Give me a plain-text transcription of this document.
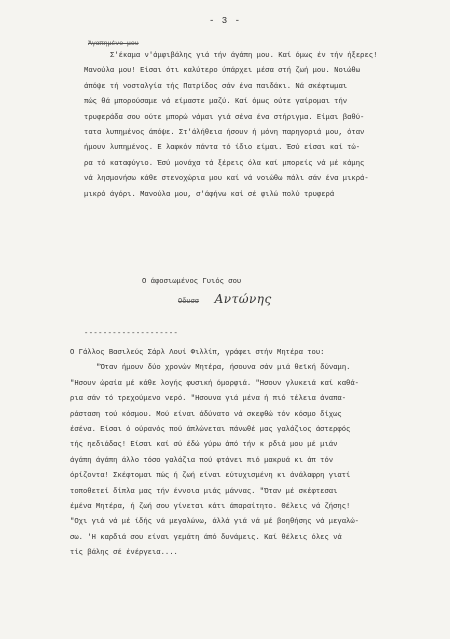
- 3 -
Άγαπημένο μου
Σ'έκαμα ν'άμφιβάλης γιά τήν άγάπη μου. Καί όμως έν τήν ήξερες!
Μανούλα μου! Είσαι ότι καλύτερο ύπάρχει μέσα στή ζωή μου. Νοιώθω
άπόψε τή νοσταλγία τής Πατρίδος σάν ένα παιδάκι. Νά σκέφτωμαι
πώς θά μπορούσαμε νά είμαστε μαζύ. Καί όμως ούτε γαίρομαι τήν
τρυφεράδα σου ούτε μπορώ νάμαι γιά σένα ένα στήριγμα. Είμαι βαθύ-
τατα λυπημένος άπόψε. Στ'άλήθεια ήσουν ή μόνη παρηγοριά μου, όταν
ήμουν λυπημένος. Ε λαφκόν πάντα τό ίδιο είμαι. Έσύ είσαι καί τώ-
ρα τό καταφύγιο. Έσύ μονάχα τά ξέρεις όλα καί μπορείς νά μέ κάμης
νά λησμονήσω κάθε στενοχώρια μου καί νά νοιώθω πάλι σάν ένα μικρά-
μικρό άγόρι. Μανούλα μου, σ'άφήνω καί σέ φιλώ πολύ τρυφερά
Ο άφοσιωμένος Γυιός σου
Οδυσσ Αντώνης
--------------------
Ο Γάλλος Βασιλεύς Σάρλ Λουί Φιλλίπ, γράφει στήν Μητέρα του:
"Όταν ήμουν δύο χρονών Μητέρα, ήσουνα σάν μιά θεϊκή δύναμη.
"Ησουν ώραία μέ κάθε λογής φυσική όμορφιά. "Ησουν γλυκειά καί καθά-
ρια σάν τό τρεχούμενο νερό. "Ησουνα γιά μένα ή πιό τέλεια άναπα-
ράσταση τού κόσμου. Μού είναι άδύνατο νά σκεφθώ τόν κόσμο δίχως
έσένα. Είσαι ό ούρανός πού άπλώνεται πάνωθέ μας γαλάζιος άστερφός
τής ηεδιάδας! Είσαι καί σύ έδώ γύρω άπό τήν κ ρδιά μου μέ μιάν
άγάπη άγάπη άλλο τόσο γαλάζια πού φτάνει πιό μακρυά κι άπ τόν
όρίζοντα! Σκέφτομαι πώς ή ζωή είναι εύτυχισμένη κι άνάλαφρη γιατί
τοποθετεί δίπλα μας τήν έννοια μιάς μάννας. "Όταν μέ σκέφτεσαι
έμένα Μητέρα, ή ζωή σου γίνεται κάτι άπαραίτητο. Θέλεις νά ζήσης!
"Οχι γιά νά μέ ίδής νά μεγαλώνω, άλλά γιά νά μέ βοηθήσης νά μεγαλώ-
σω. 'Η καρδιά σου είναι γεμάτη άπό δυνάμεις. Καί θέλεις όλες νά
τίς βάλης σέ ένέργεια....
